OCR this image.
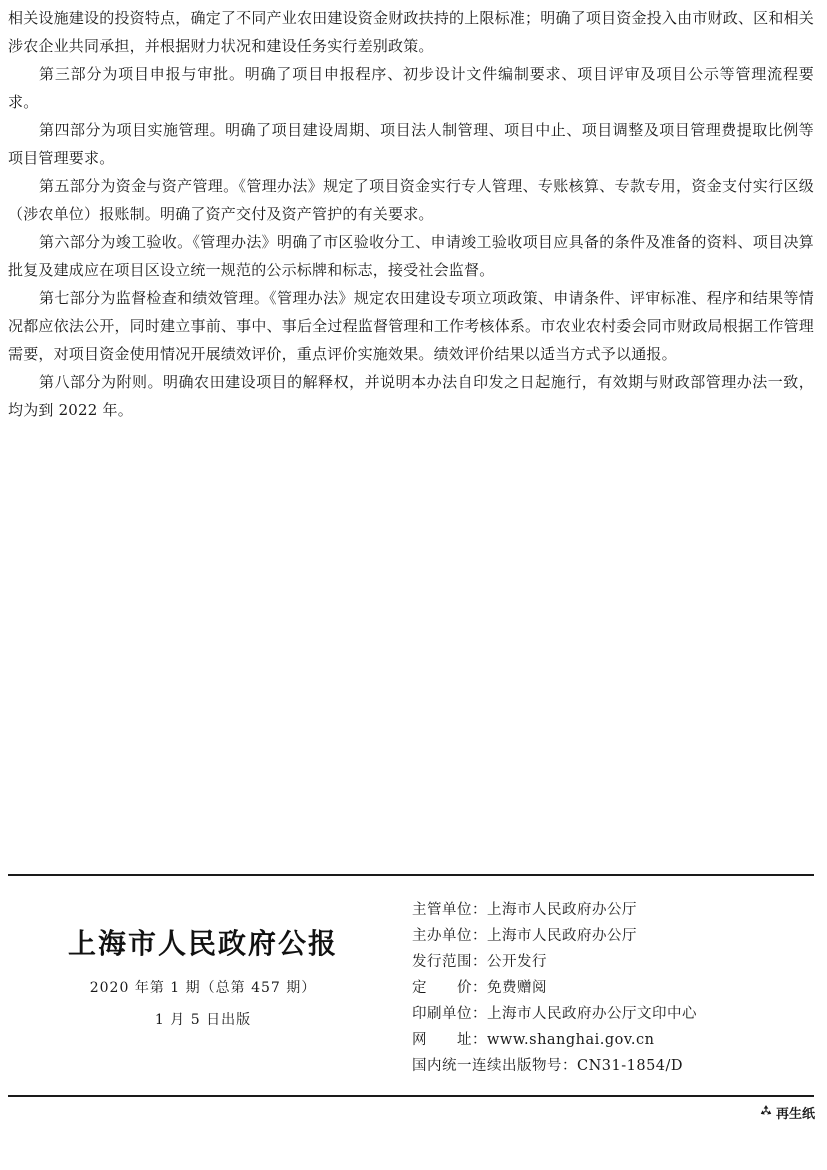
相关设施建设的投资特点，确定了不同产业农田建设资金财政扶持的上限标准；明确了项目资金投入由市财政、区和相关涉农企业共同承担，并根据财力状况和建设任务实行差别政策。

第三部分为项目申报与审批。明确了项目申报程序、初步设计文件编制要求、项目评审及项目公示等管理流程要求。

第四部分为项目实施管理。明确了项目建设周期、项目法人制管理、项目中止、项目调整及项目管理费提取比例等项目管理要求。

第五部分为资金与资产管理。《管理办法》规定了项目资金实行专人管理、专账核算、专款专用，资金支付实行区级（涉农单位）报账制。明确了资产交付及资产管护的有关要求。

第六部分为竣工验收。《管理办法》明确了市区验收分工、申请竣工验收项目应具备的条件及准备的资料、项目决算批复及建成应在项目区设立统一规范的公示标牌和标志，接受社会监督。

第七部分为监督检查和绩效管理。《管理办法》规定农田建设专项立项政策、申请条件、评审标准、程序和结果等情况都应依法公开，同时建立事前、事中、事后全过程监督管理和工作考核体系。市农业农村委会同市财政局根据工作管理需要，对项目资金使用情况开展绩效评价，重点评价实施效果。绩效评价结果以适当方式予以通报。

第八部分为附则。明确农田建设项目的解释权，并说明本办法自印发之日起施行，有效期与财政部管理办法一致，均为到 2022 年。

上海市人民政府公报
2020 年第 1 期（总第 457 期）
1 月 5 日出版
主管单位：上海市人民政府办公厅
主办单位：上海市人民政府办公厅
发行范围：公开发行
定　　价：免费赠阅
印刷单位：上海市人民政府办公厅文印中心
网　　址：www.shanghai.gov.cn
国内统一连续出版物号：CN31-1854/D
再生纸
